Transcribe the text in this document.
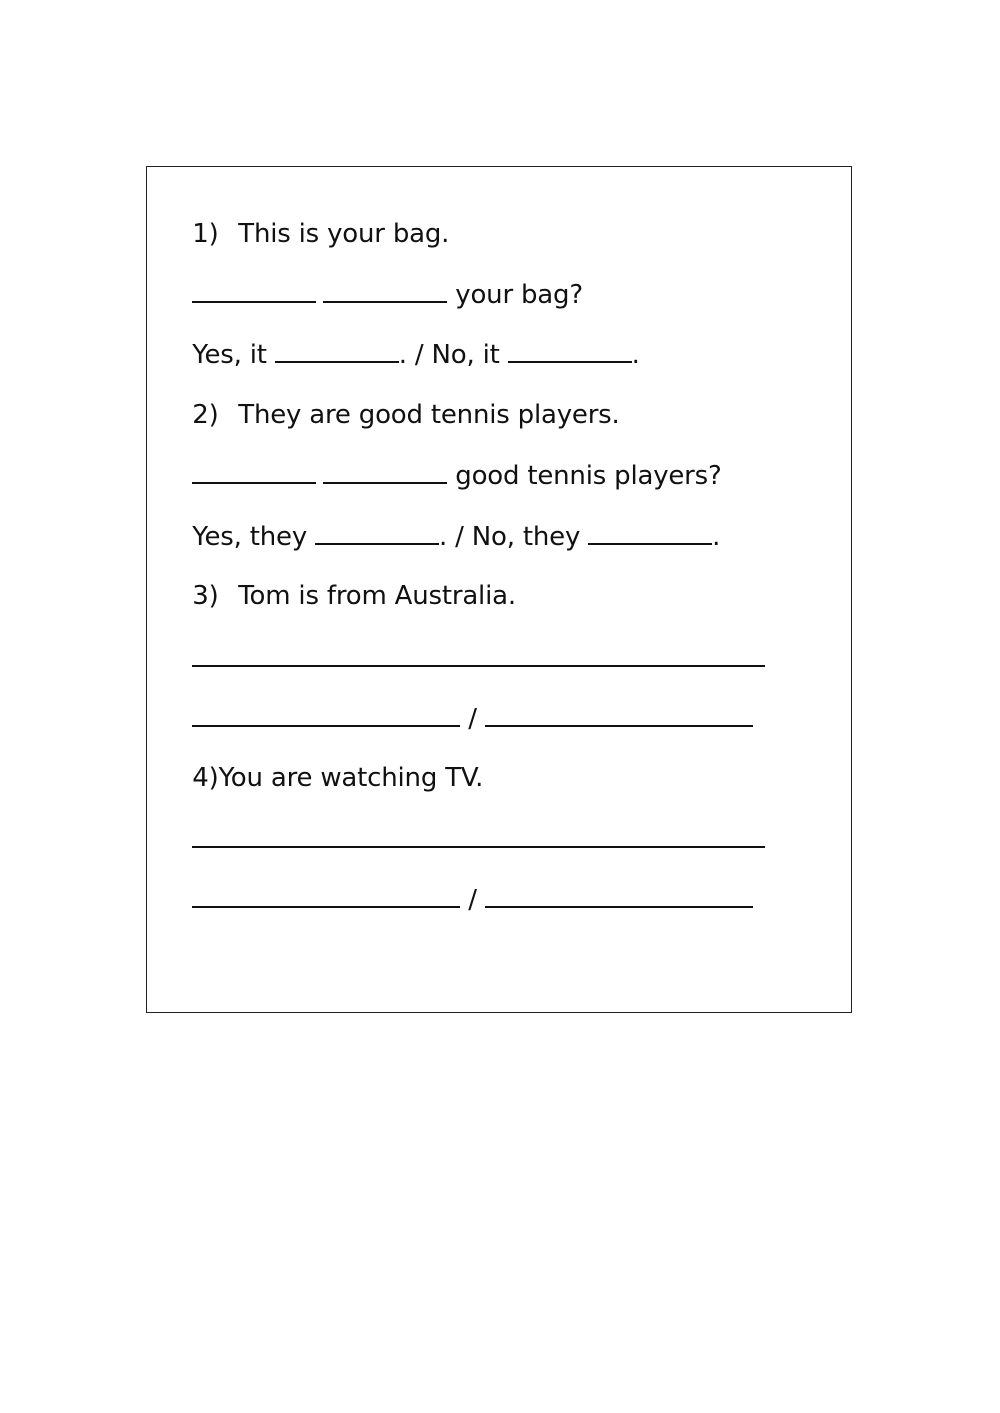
1) This is your bag.

your bag?

Yes, it	. / No, it	.

2) They are good tennis players.

good tennis players?

Yes, they	. / No, they	.

3) Tom is from Australia.

/

4)You are watching TV.

/
